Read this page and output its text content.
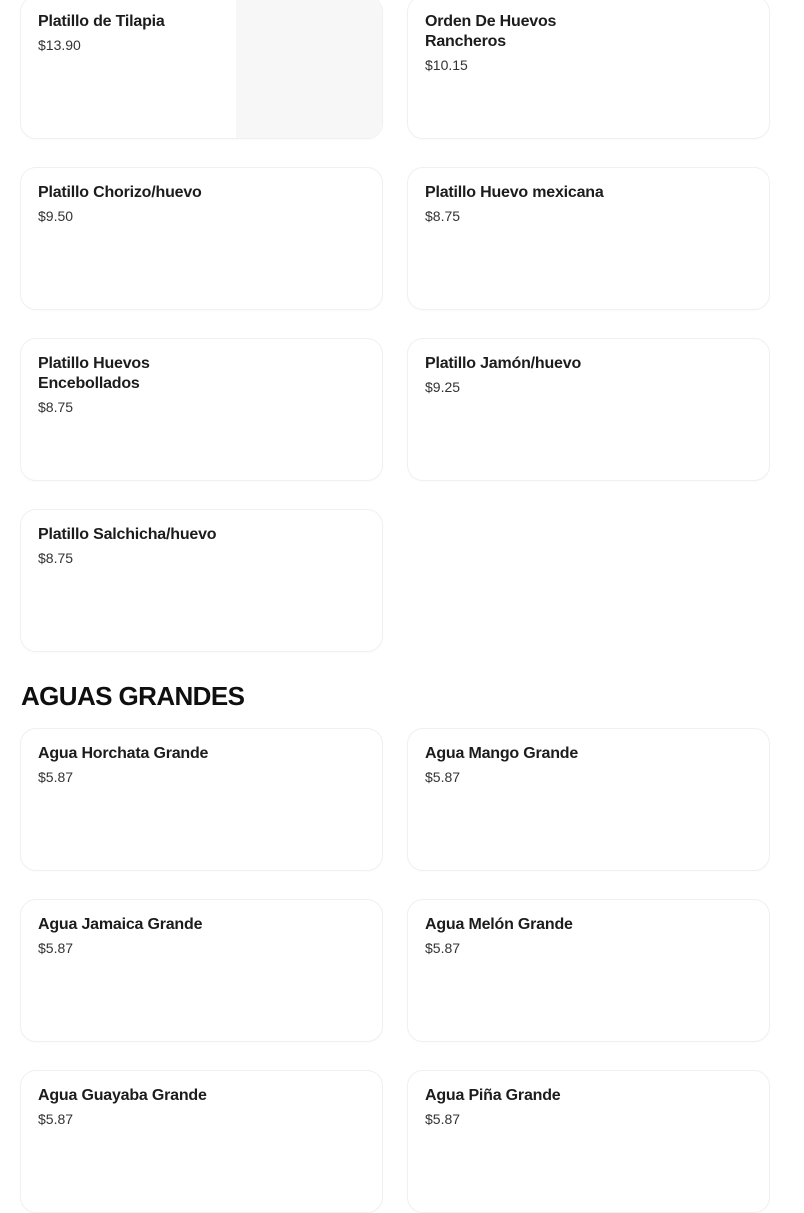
Platillo de Tilapia
$13.90
Orden De Huevos Rancheros
$10.15
Platillo Chorizo/huevo
$9.50
Platillo Huevo mexicana
$8.75
Platillo Huevos Encebollados
$8.75
Platillo Jamón/huevo
$9.25
Platillo Salchicha/huevo
$8.75
AGUAS GRANDES
Agua Horchata Grande
$5.87
Agua Mango Grande
$5.87
Agua Jamaica Grande
$5.87
Agua Melón Grande
$5.87
Agua Guayaba Grande
$5.87
Agua Piña Grande
$5.87
